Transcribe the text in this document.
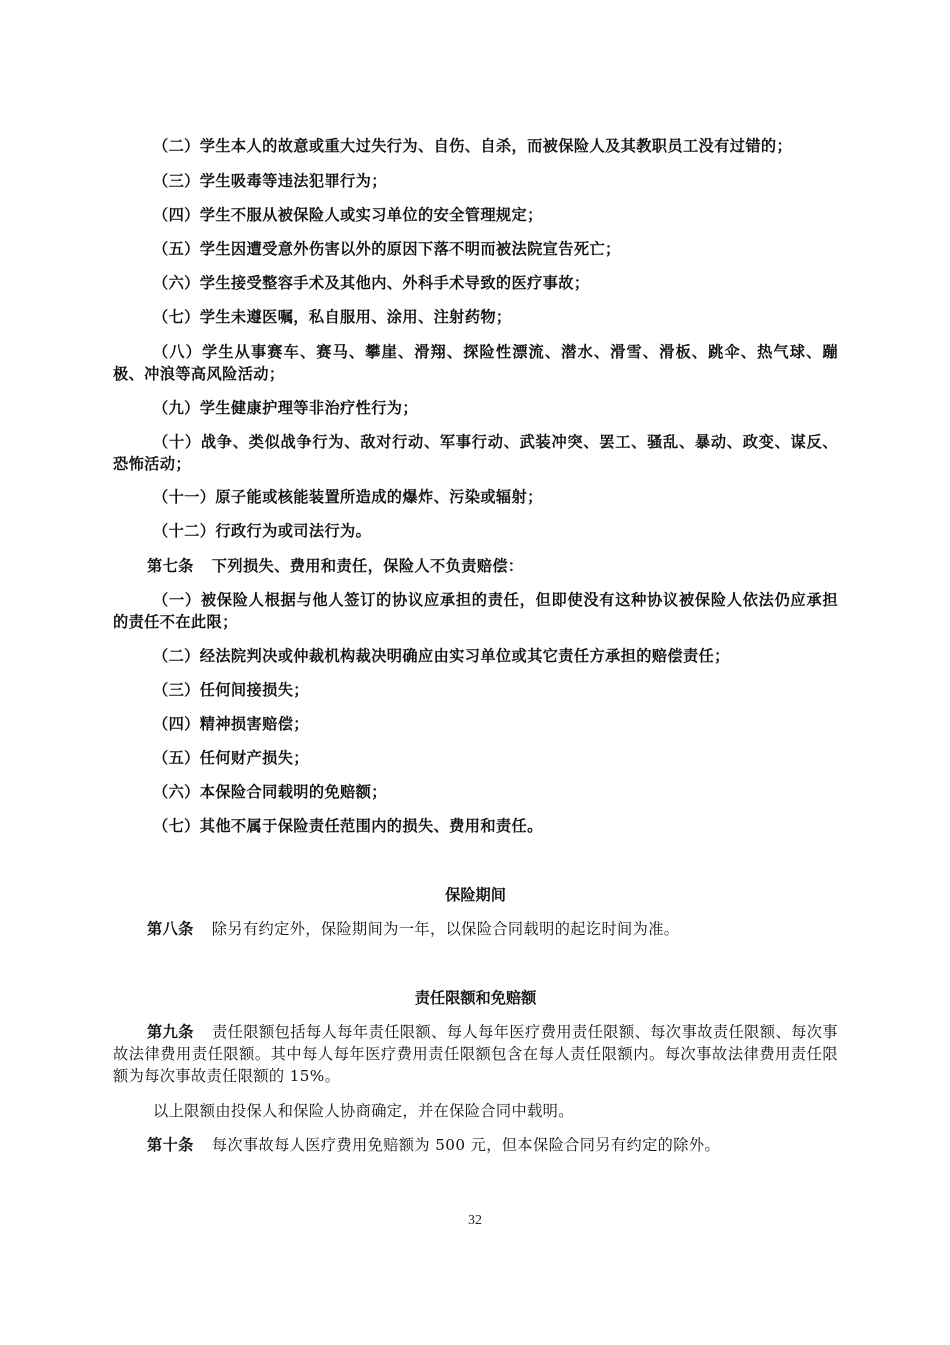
（二）学生本人的故意或重大过失行为、自伤、自杀，而被保险人及其教职员工没有过错的；
（三）学生吸毒等违法犯罪行为；
（四）学生不服从被保险人或实习单位的安全管理规定；
（五）学生因遭受意外伤害以外的原因下落不明而被法院宣告死亡；
（六）学生接受整容手术及其他内、外科手术导致的医疗事故；
（七）学生未遵医嘱，私自服用、涂用、注射药物；
（八）学生从事赛车、赛马、攀崖、滑翔、探险性漂流、潜水、滑雪、滑板、跳伞、热气球、蹦极、冲浪等高风险活动；
（九）学生健康护理等非治疗性行为；
（十）战争、类似战争行为、敌对行动、军事行动、武装冲突、罢工、骚乱、暴动、政变、谋反、恐怖活动；
（十一）原子能或核能装置所造成的爆炸、污染或辐射；
（十二）行政行为或司法行为。
第七条 下列损失、费用和责任，保险人不负责赔偿：
（一）被保险人根据与他人签订的协议应承担的责任，但即使没有这种协议被保险人依法仍应承担的责任不在此限；
（二）经法院判决或仲裁机构裁决明确应由实习单位或其它责任方承担的赔偿责任；
（三）任何间接损失；
（四）精神损害赔偿；
（五）任何财产损失；
（六）本保险合同载明的免赔额；
（七）其他不属于保险责任范围内的损失、费用和责任。
保险期间
第八条 除另有约定外，保险期间为一年，以保险合同载明的起讫时间为准。
责任限额和免赔额
第九条 责任限额包括每人每年责任限额、每人每年医疗费用责任限额、每次事故责任限额、每次事故法律费用责任限额。其中每人每年医疗费用责任限额包含在每人责任限额内。每次事故法律费用责任限额为每次事故责任限额的 15%。
以上限额由投保人和保险人协商确定，并在保险合同中载明。
第十条 每次事故每人医疗费用免赔额为 500 元，但本保险合同另有约定的除外。
32
